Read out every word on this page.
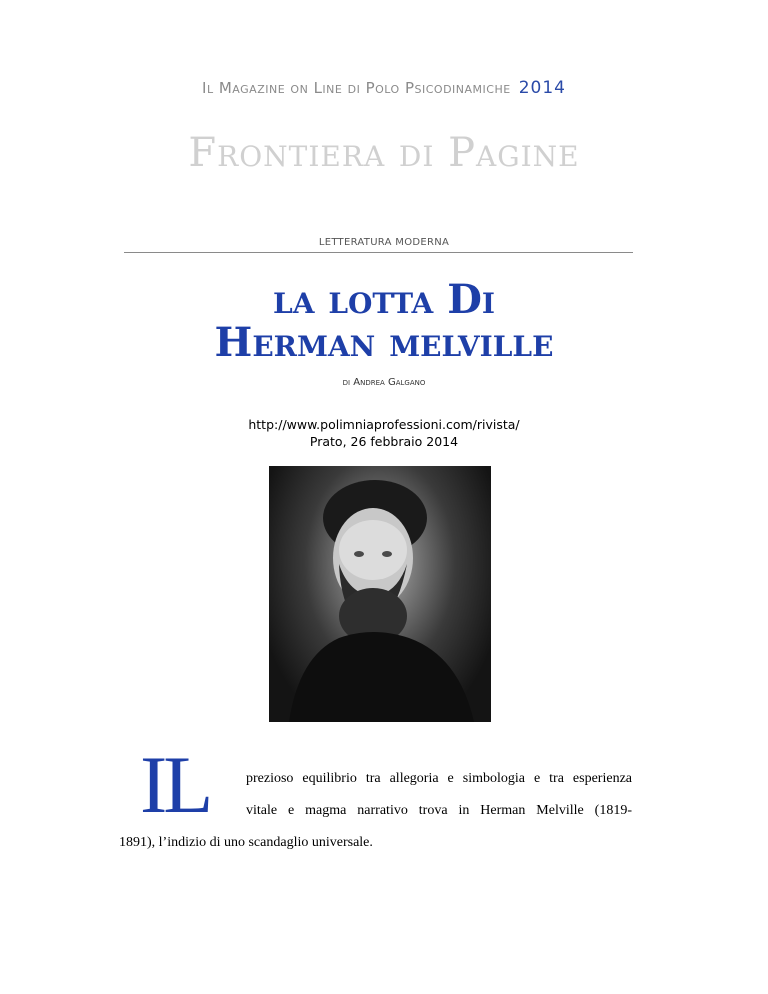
Il Magazine on Line di Polo Psicodinamiche 2014
Frontiera di Pagine
LETTERATURA MODERNA
la lotta Di
Herman melville
di Andrea Galgano
http://www.polimniaprofessioni.com/rivista/
Prato, 26 febbraio 2014
IL	prezioso equilibrio tra allegoria e simbologia e tra esperienza
vitale e magma narrativo trova in Herman Melville (1819-
1891), l’indizio di uno scandaglio universale.
